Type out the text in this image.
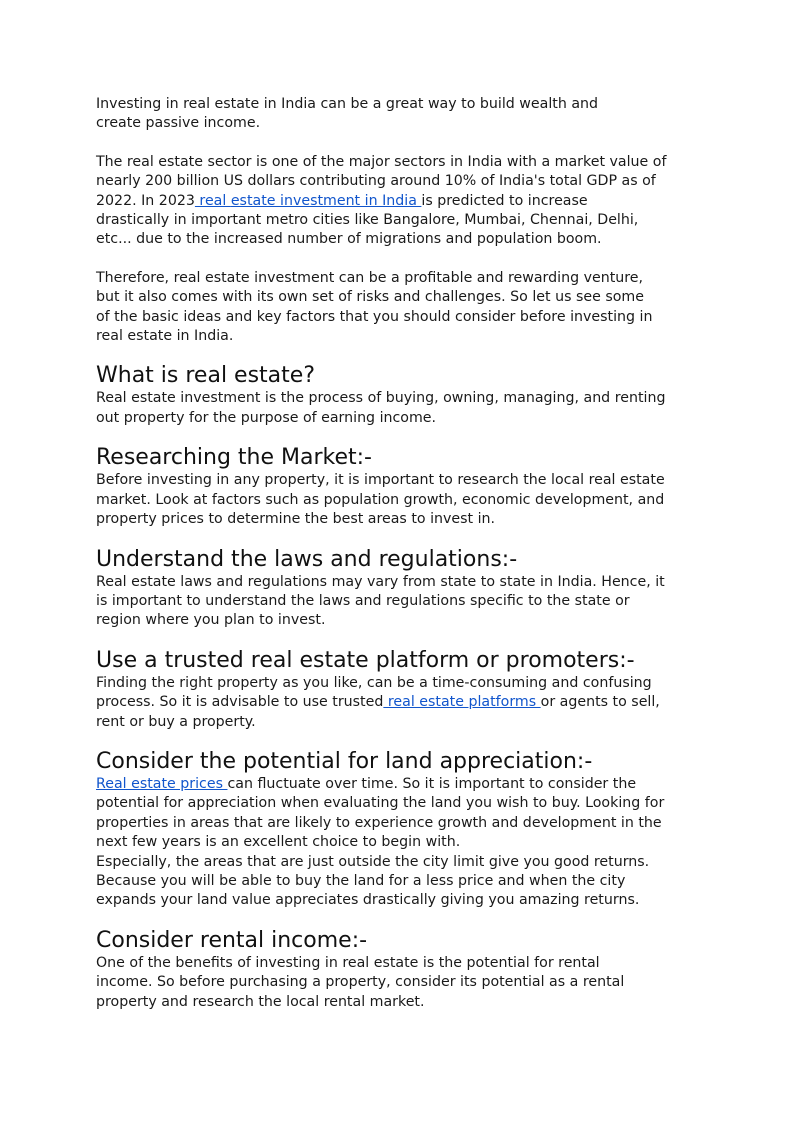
Investing in real estate in India can be a great way to build wealth and
create passive income.

The real estate sector is one of the major sectors in India with a market value of
nearly 200 billion US dollars contributing around 10% of India's total GDP as of
2022. In 2023 real estate investment in India is predicted to increase
drastically in important metro cities like Bangalore, Mumbai, Chennai, Delhi,
etc... due to the increased number of migrations and population boom.

Therefore, real estate investment can be a profitable and rewarding venture,
but it also comes with its own set of risks and challenges. So let us see some
of the basic ideas and key factors that you should consider before investing in
real estate in India.

What is real estate?

Real estate investment is the process of buying, owning, managing, and renting
out property for the purpose of earning income.

Researching the Market:-

Before investing in any property, it is important to research the local real estate
market. Look at factors such as population growth, economic development, and
property prices to determine the best areas to invest in.

Understand the laws and regulations:-

Real estate laws and regulations may vary from state to state in India. Hence, it
is important to understand the laws and regulations specific to the state or
region where you plan to invest.

Use a trusted real estate platform or promoters:-

Finding the right property as you like, can be a time-consuming and confusing
process. So it is advisable to use trusted real estate platforms or agents to sell,
rent or buy a property.

Consider the potential for land appreciation:-

Real estate prices can fluctuate over time. So it is important to consider the
potential for appreciation when evaluating the land you wish to buy. Looking for
properties in areas that are likely to experience growth and development in the
next few years is an excellent choice to begin with.
Especially, the areas that are just outside the city limit give you good returns.
Because you will be able to buy the land for a less price and when the city
expands your land value appreciates drastically giving you amazing returns.

Consider rental income:-

One of the benefits of investing in real estate is the potential for rental
income. So before purchasing a property, consider its potential as a rental
property and research the local rental market.
